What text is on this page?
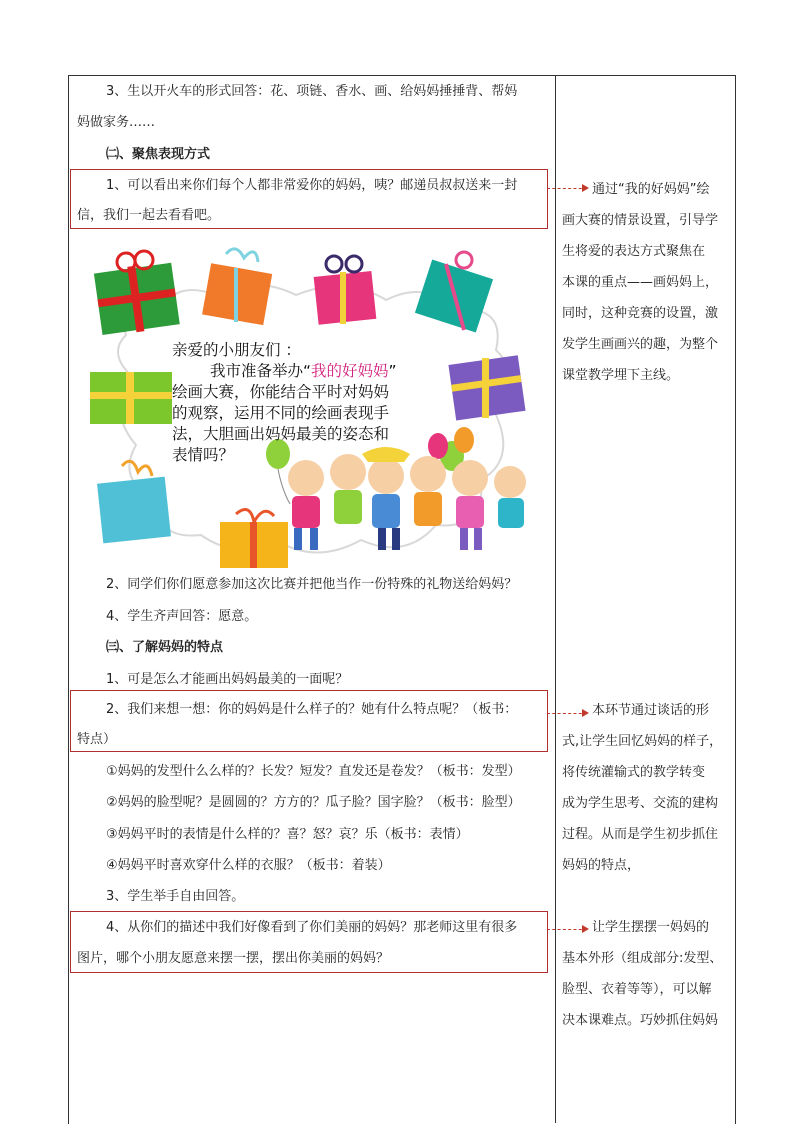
3、生以开火车的形式回答：花、项链、香水、画、给妈妈捶捶背、帮妈
妈做家务……
㈡、聚焦表现方式
1、可以看出来你们每个人都非常爱你的妈妈，咦？邮递员叔叔送来一封
信，我们一起去看看吧。
亲爱的小朋友们 ：
我市准备举办“我的好妈妈”
绘画大赛，你能结合平时对妈妈
的观察，运用不同的绘画表现手
法，大胆画出妈妈最美的姿态和
表情吗？
2、同学们你们愿意参加这次比赛并把他当作一份特殊的礼物送给妈妈？
4、学生齐声回答：愿意。
㈢、了解妈妈的特点
1、可是怎么才能画出妈妈最美的一面呢？
2、我们来想一想：你的妈妈是什么样子的？她有什么特点呢？（板书：
特点）
①妈妈的发型什么么样的？长发？短发？直发还是卷发？（板书：发型）
②妈妈的脸型呢？是圆圆的？方方的？瓜子脸？国字脸？（板书：脸型）
③妈妈平时的表情是什么样的？喜？怒？哀？乐（板书：表情）
④妈妈平时喜欢穿什么样的衣服？（板书：着装）
3、学生举手自由回答。
4、从你们的描述中我们好像看到了你们美丽的妈妈？那老师这里有很多
图片，哪个小朋友愿意来摆一摆，摆出你美丽的妈妈？
通过“我的好妈妈”绘
画大赛的情景设置，引导学
生将爱的表达方式聚焦在
本课的重点——画妈妈上，
同时，这种竞赛的设置，激
发学生画画兴的趣，为整个
课堂教学埋下主线。
本环节通过谈话的形
式,让学生回忆妈妈的样子，
将传统灌输式的教学转变
成为学生思考、交流的建构
过程。从而是学生初步抓住
妈妈的特点，
让学生摆摆一妈妈的
基本外形（组成部分:发型、
脸型、衣着等等），可以解
决本课难点。巧妙抓住妈妈
